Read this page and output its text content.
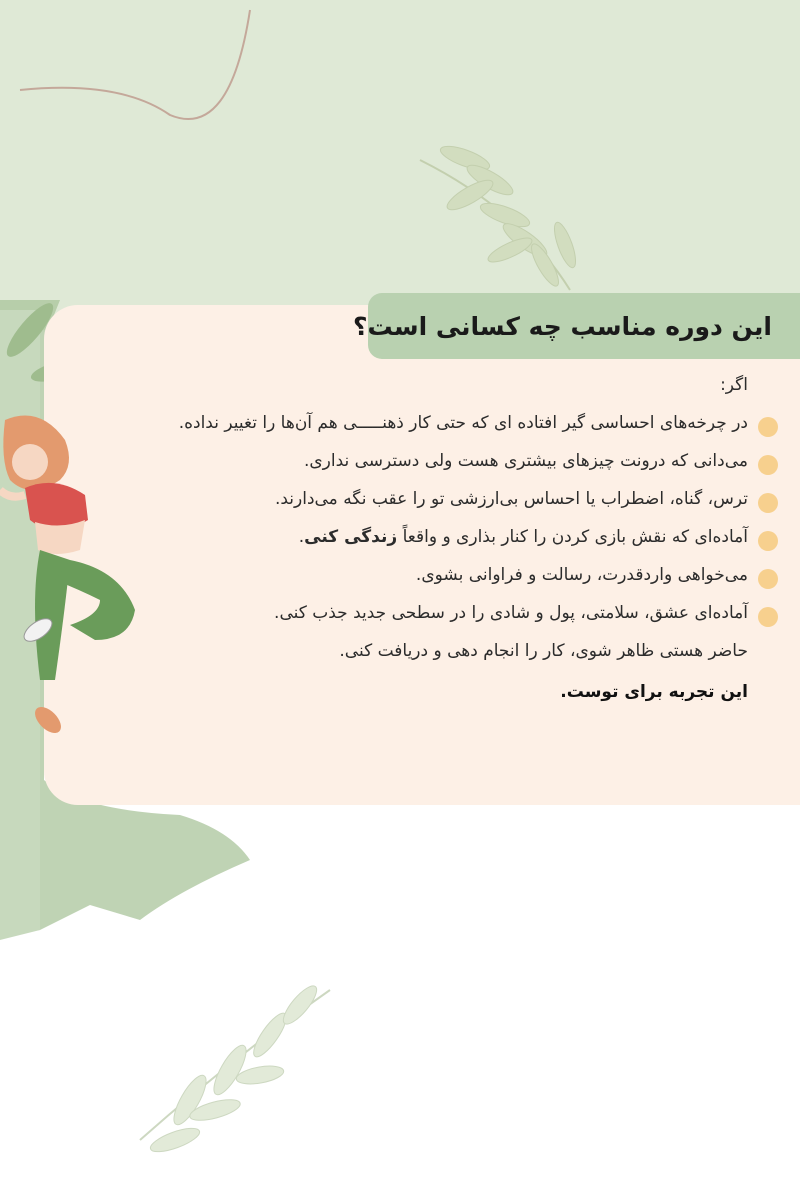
این دوره مناسب چه کسانی است؟
اگر:
در چرخه‌های احساسی گیر افتاده ای که حتی کار ذهنـــــی هم آن‌ها را تغییر نداده.
می‌دانی که درونت چیزهای بیشتری هست ولی دسترسی نداری.
ترس، گناه، اضطراب یا احساس بی‌ارزشی تو را عقب نگه می‌دارند.
آماده‌ای که نقش بازی کردن را کنار بذاری و واقعاً زندگی کنی.
می‌خواهی واردقدرت، رسالت و فراوانی بشوی.
آماده‌ای عشق، سلامتی، پول و شادی را در سطحی جدید جذب کنی.
حاضر هستی ظاهر شوی، کار را انجام دهی و دریافت کنی.
این تجربه برای توست.
